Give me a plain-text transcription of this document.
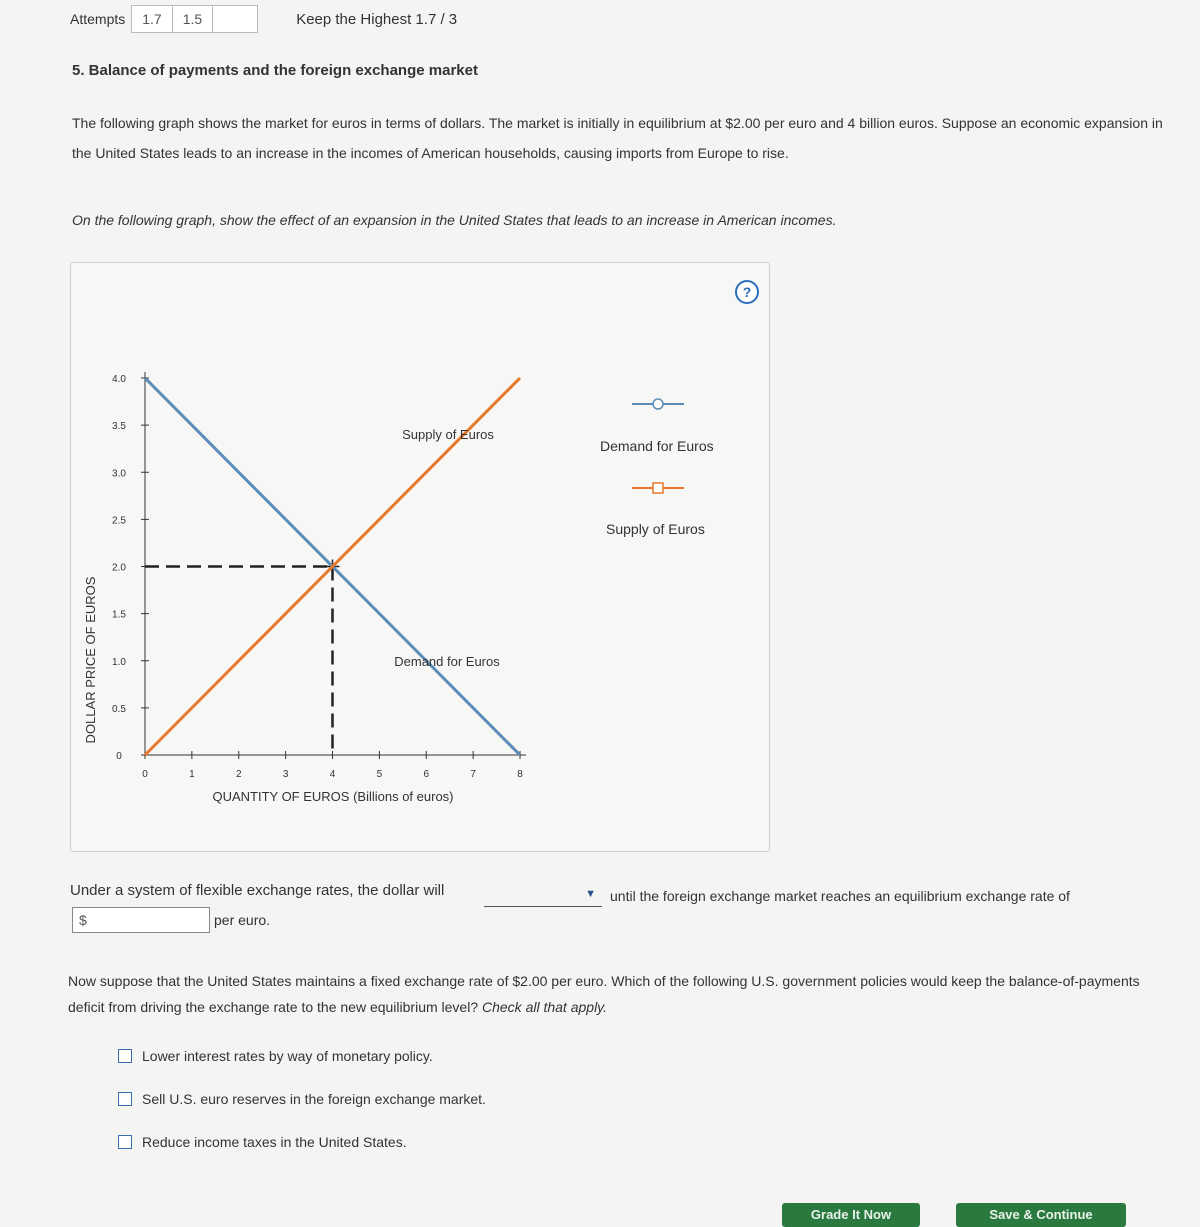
Attempts	1.7	1.5	Keep the Highest 1.7 / 3
5. Balance of payments and the foreign exchange market
The following graph shows the market for euros in terms of dollars. The market is initially in equilibrium at $2.00 per euro and 4 billion euros. Suppose an economic expansion in the United States leads to an increase in the incomes of American households, causing imports from Europe to rise.
On the following graph, show the effect of an expansion in the United States that leads to an increase in American incomes.
?
0
0.5
1.0
1.5
2.0
2.5
3.0
3.5
4.0
0	1	2	3	4	5	6	7	8
DOLLAR PRICE OF EUROS
QUANTITY OF EUROS (Billions of euros)
Supply of Euros
Demand for Euros
Demand for Euros
Supply of Euros
Under a system of flexible exchange rates, the dollar will	▼ until the foreign exchange market reaches an equilibrium exchange rate of
$	per euro.
Now suppose that the United States maintains a fixed exchange rate of $2.00 per euro. Which of the following U.S. government policies would keep the balance-of-payments deficit from driving the exchange rate to the new equilibrium level? Check all that apply.
Lower interest rates by way of monetary policy.
Sell U.S. euro reserves in the foreign exchange market.
Reduce income taxes in the United States.
Grade It Now	Save & Continue
